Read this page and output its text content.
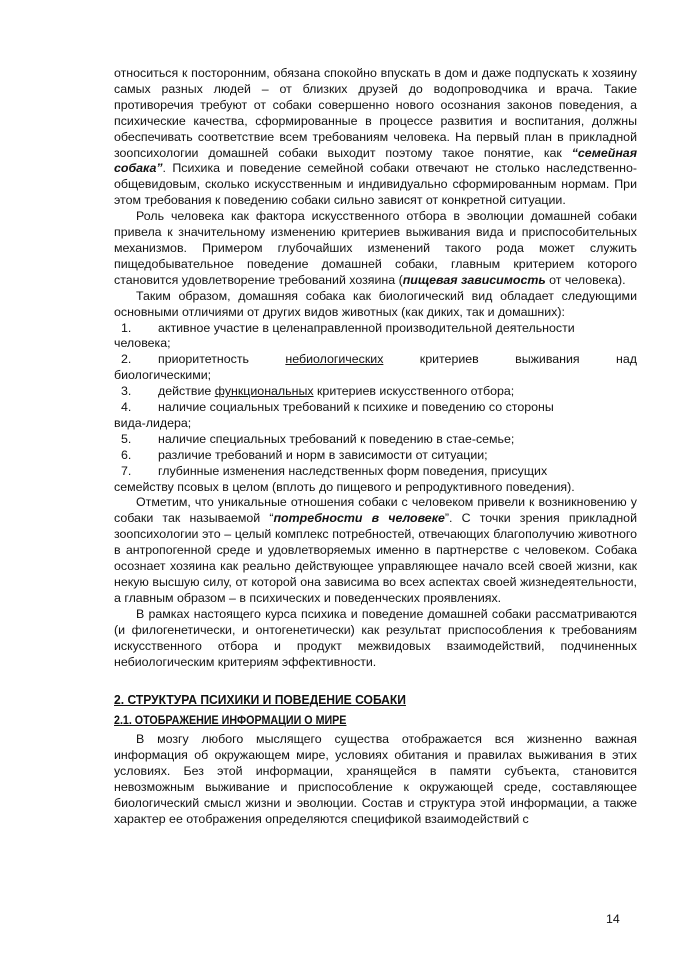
относиться к посторонним, обязана спокойно впускать в дом и даже подпускать к хозяину самых разных людей – от близких друзей до водопроводчика и врача. Такие противоречия требуют от собаки совершенно нового осознания законов поведения, а психические качества, сформированные в процессе развития и воспитания, должны обеспечивать соответствие всем требованиям человека. На первый план в прикладной зоопсихологии домашней собаки выходит поэтому такое понятие, как “семейная собака”. Психика и поведение семейной собаки отвечают не столько наследственно-общевидовым, сколько искусственным и индивидуально сформированным нормам. При этом требования к поведению собаки сильно зависят от конкретной ситуации.

Роль человека как фактора искусственного отбора в эволюции домашней собаки привела к значительному изменению критериев выживания вида и приспособительных механизмов. Примером глубочайших изменений такого рода может служить пищедобывательное поведение домашней собаки, главным критерием которого становится удовлетворение требований хозяина (пищевая зависимость от человека).

Таким образом, домашняя собака как биологический вид обладает следующими основными отличиями от других видов животных (как диких, так и домашних):

1.	активное участие в целенаправленной производительной деятельности
человека;
2.	приоритетность небиологических критериев выживания над
биологическими;
3.	действие функциональных критериев искусственного отбора;
4.	наличие социальных требований к психике и поведению со стороны
вида-лидера;
5.	наличие специальных требований к поведению в стае-семье;
6.	различие требований и норм в зависимости от ситуации;
7.	глубинные изменения наследственных форм поведения, присущих
семейству псовых в целом (вплоть до пищевого и репродуктивного поведения).

Отметим, что уникальные отношения собаки с человеком привели к возникновению у собаки так называемой “потребности в человеке”. С точки зрения прикладной зоопсихологии это – целый комплекс потребностей, отвечающих благополучию животного в антропогенной среде и удовлетворяемых именно в партнерстве с человеком. Собака осознает хозяина как реально действующее управляющее начало всей своей жизни, как некую высшую силу, от которой она зависима во всех аспектах своей жизнедеятельности, а главным образом – в психических и поведенческих проявлениях.

В рамках настоящего курса психика и поведение домашней собаки рассматриваются (и филогенетически, и онтогенетически) как результат приспособления к требованиям искусственного отбора и продукт межвидовых взаимодействий, подчиненных небиологическим критериям эффективности.

2. СТРУКТУРА ПСИХИКИ И ПОВЕДЕНИЕ СОБАКИ
2.1. ОТОБРАЖЕНИЕ ИНФОРМАЦИИ О МИРЕ

В мозгу любого мыслящего существа отображается вся жизненно важная информация об окружающем мире, условиях обитания и правилах выживания в этих условиях. Без этой информации, хранящейся в памяти субъекта, становится невозможным выживание и приспособление к окружающей среде, составляющее биологический смысл жизни и эволюции. Состав и структура этой информации, а также характер ее отображения определяются спецификой взаимодействий с

14
